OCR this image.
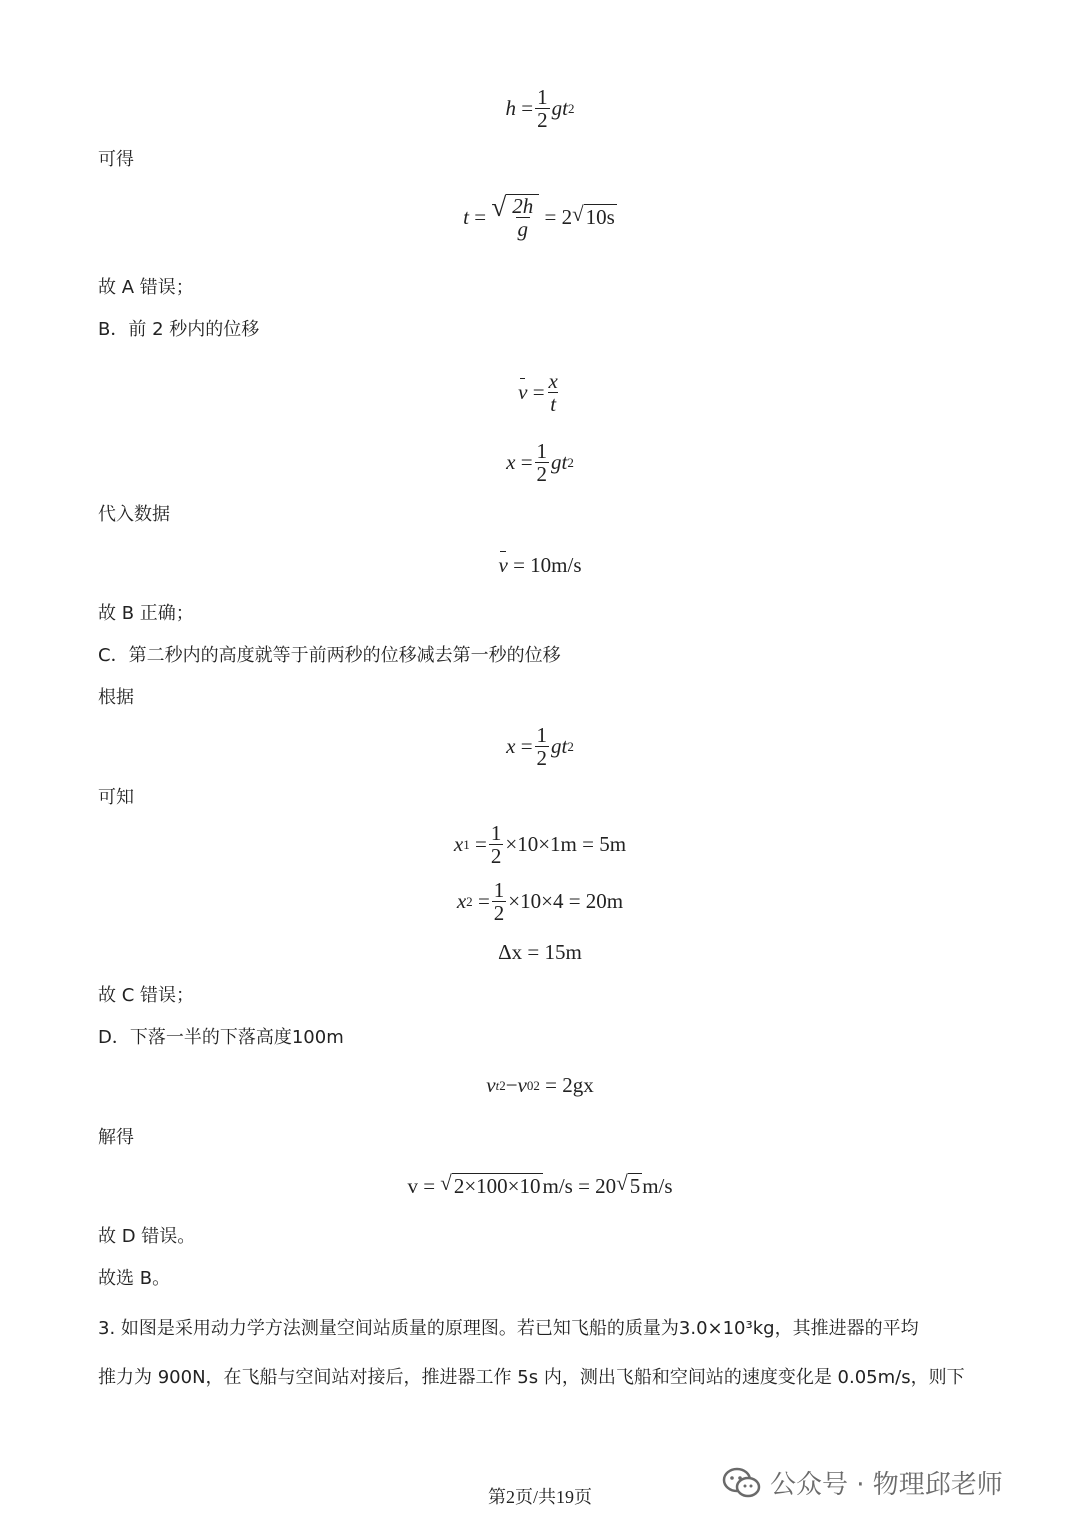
h
= $\frac{1}{2}$ g t 2
可得
t
=
√ $\frac{2h}{g}$
=
2 √ 10s
故 A 错误；
B．前 2 秒内的位移
v
= $\frac{x}{t}$
x
= $\frac{1}{2}$ g t 2
代入数据
v
=
10m/s
故 B 正确；
C．第二秒内的高度就等于前两秒的位移减去第一秒的位移
根据
x
= $\frac{1}{2}$ g t 2
可知
x 1
= $\frac{1}{2} \times 10\times 1m = 5m$
x 2
= $\frac{1}{2} \times 10\times 4 = 20m$
Δx = 15m
故 C 错误；
D．下落一半的下落高度100m
v t 2 − v 0 2
= 2gx
解得
v =
√ 2×100×10 m/s = 20 √ 5 m/s
故 D 错误。
故选 B。
3. 如图是采用动力学方法测量空间站质量的原理图。若已知飞船的质量为3.0×10³kg，其推进器的平均
推力为 900N，在飞船与空间站对接后，推进器工作 5s 内，测出飞船和空间站的速度变化是 0.05m/s，则下
第2页/共19页	公众号 · 物理邱老师
